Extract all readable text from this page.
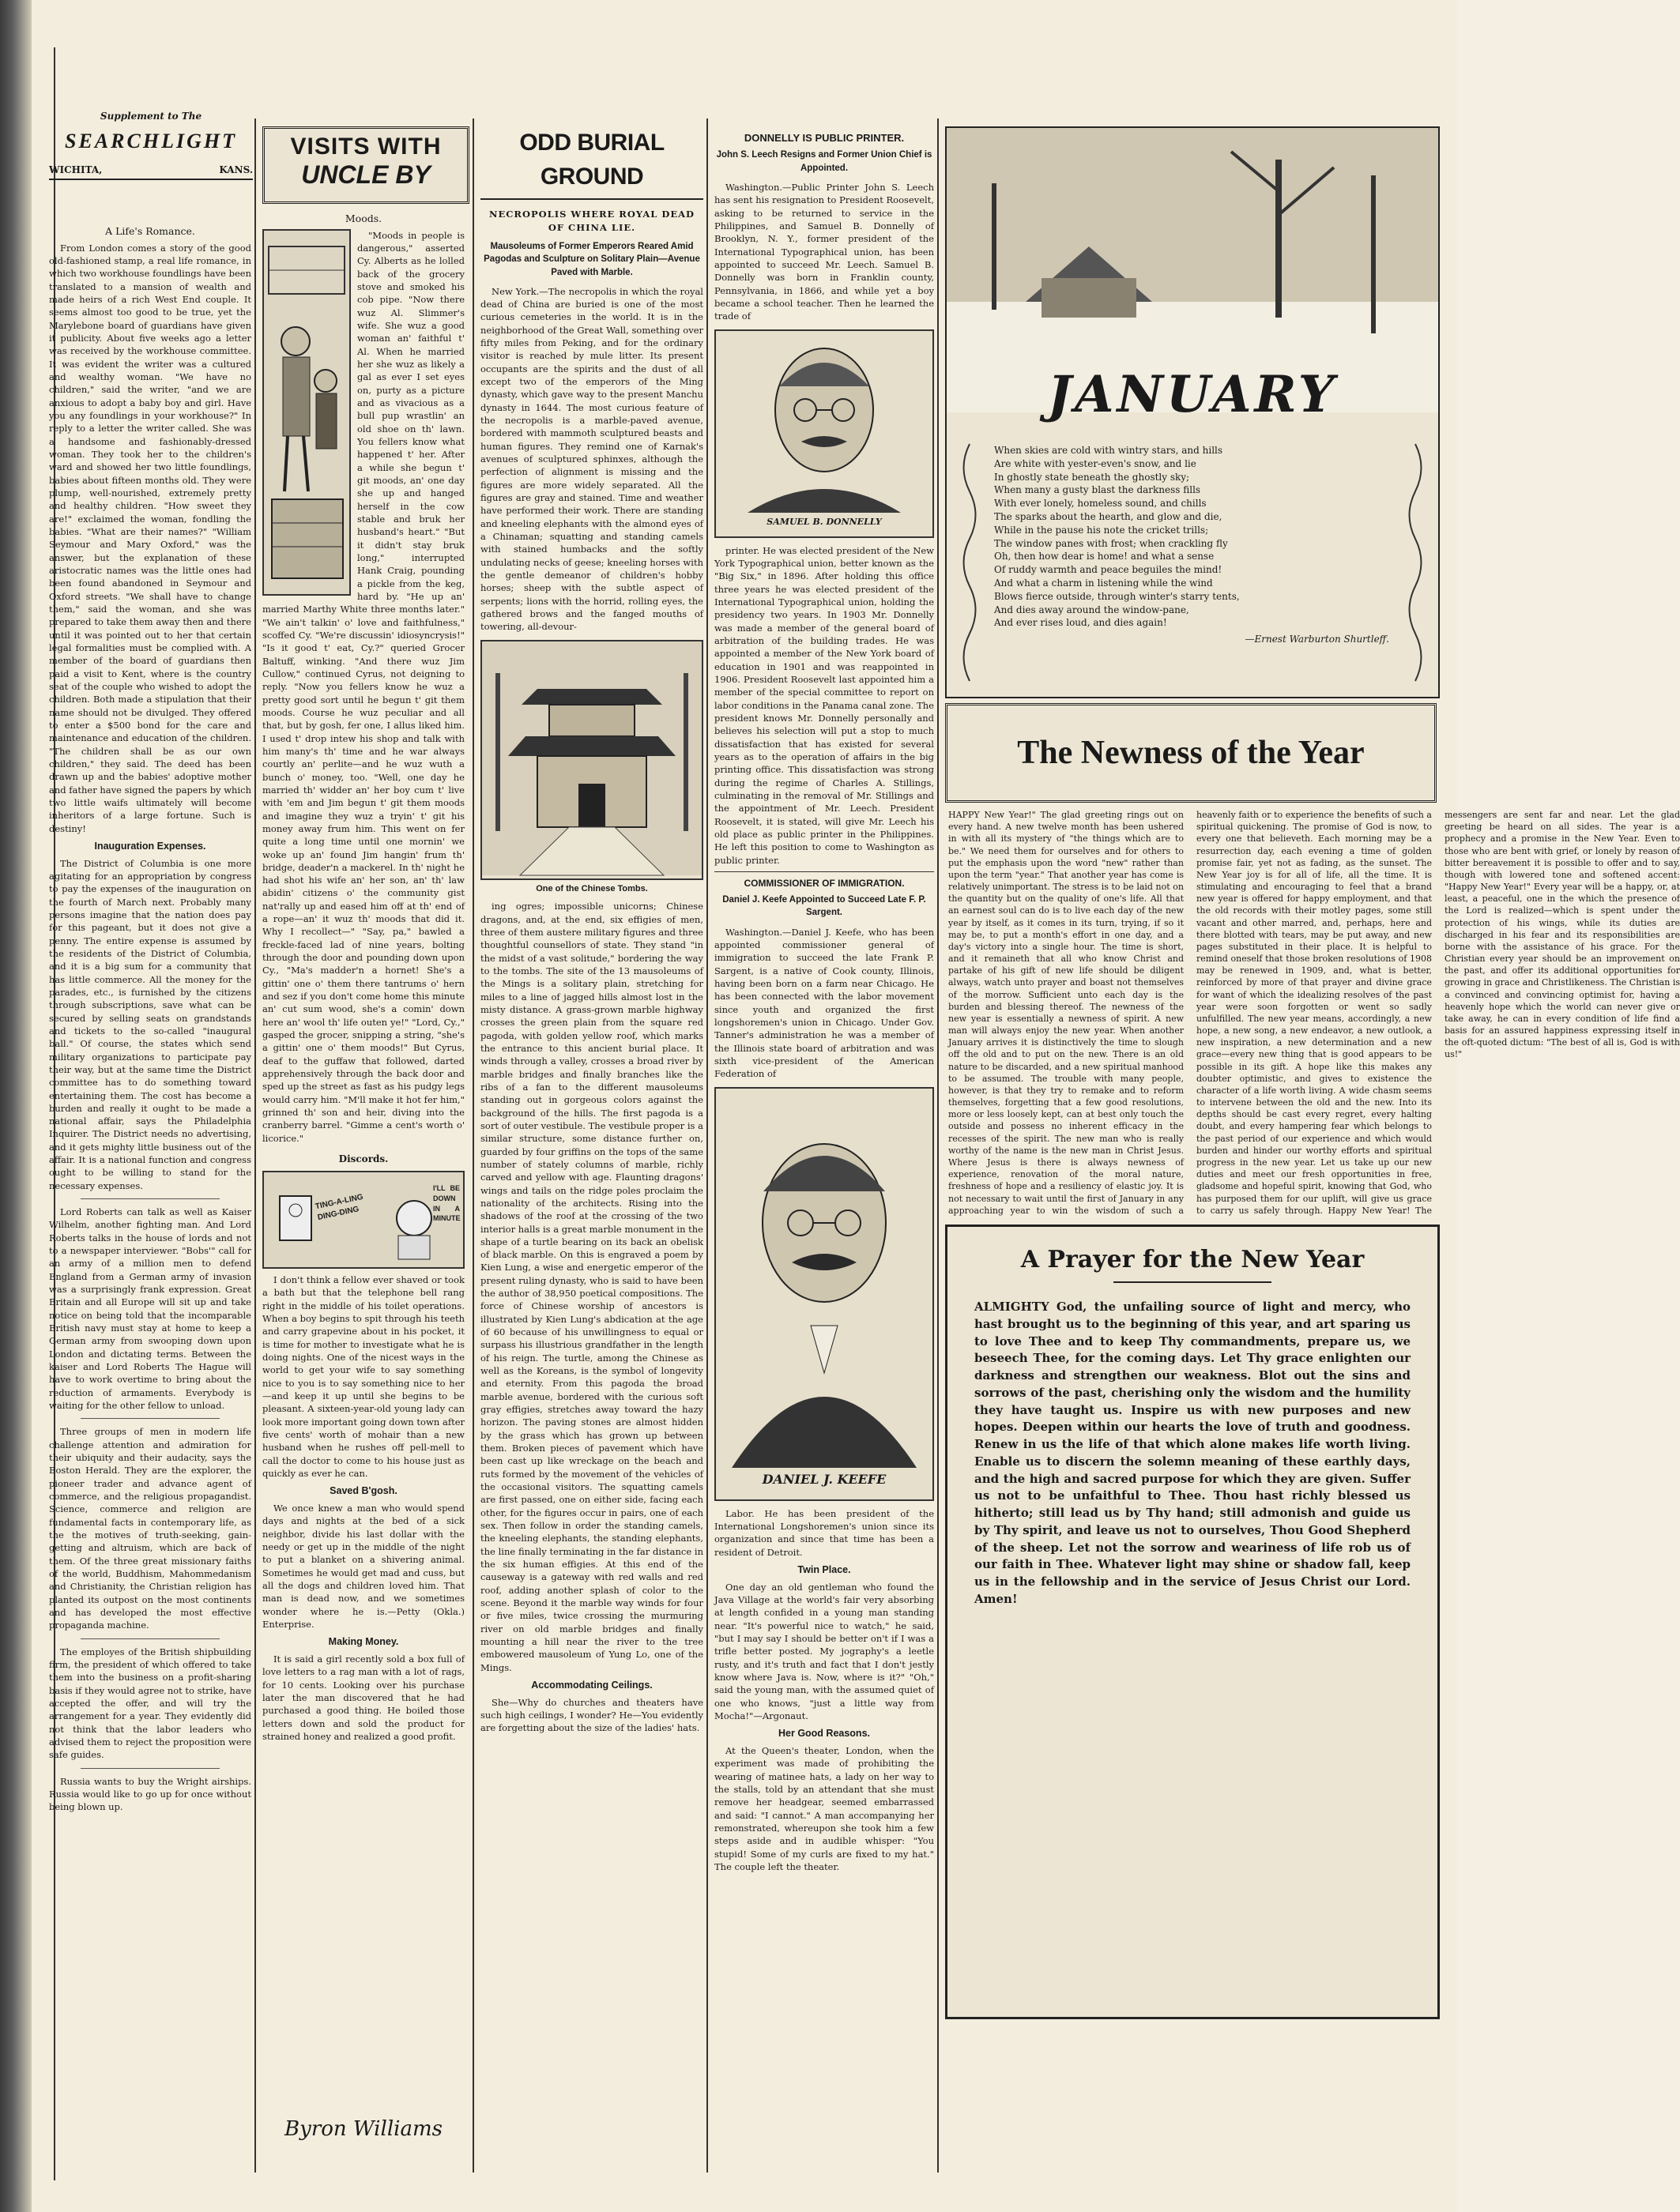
Supplement to The
SEARCHLIGHT
WICHITA,	KANS.
A Life's Romance.

From London comes a story of the good old-fashioned stamp, a real life romance, in which two workhouse foundlings have been translated to a mansion of wealth and made heirs of a rich West End couple. It seems almost too good to be true, yet the Marylebone board of guardians have given it publicity. About five weeks ago a letter was received by the workhouse committee. It was evident the writer was a cultured and wealthy woman. "We have no children," said the writer, "and we are anxious to adopt a baby boy and girl. Have you any foundlings in your workhouse?" In reply to a letter the writer called. She was a handsome and fashionably-dressed woman. They took her to the children's ward and showed her two little foundlings, babies about fifteen months old. They were plump, well-nourished, extremely pretty and healthy children. "How sweet they are!" exclaimed the woman, fondling the babies. "What are their names?" "William Seymour and Mary Oxford," was the answer, but the explanation of these aristocratic names was the little ones had been found abandoned in Seymour and Oxford streets. "We shall have to change them," said the woman, and she was prepared to take them away then and there until it was pointed out to her that certain legal formalities must be complied with. A member of the board of guardians then paid a visit to Kent, where is the country seat of the couple who wished to adopt the children. Both made a stipulation that their name should not be divulged. They offered to enter a $500 bond for the care and maintenance and education of the children. "The children shall be as our own children," they said. The deed has been drawn up and the babies' adoptive mother and father have signed the papers by which two little waifs ultimately will become inheritors of a large fortune. Such is destiny!

Inauguration Expenses.

The District of Columbia is one more agitating for an appropriation by congress to pay the expenses of the inauguration on the fourth of March next. Probably many persons imagine that the nation does pay for this pageant, but it does not give a penny. The entire expense is assumed by the residents of the District of Columbia, and it is a big sum for a community that has little commerce. All the money for the parades, etc., is furnished by the citizens through subscriptions, save what can be secured by selling seats on grandstands and tickets to the so-called "inaugural ball." Of course, the states which send military organizations to participate pay their way, but at the same time the District committee has to do something toward entertaining them. The cost has become a burden and really it ought to be made a national affair, says the Philadelphia Inquirer. The District needs no advertising, and it gets mighty little business out of the affair. It is a national function and congress ought to be willing to stand for the necessary expenses.

Lord Roberts can talk as well as Kaiser Wilhelm, another fighting man. And Lord Roberts talks in the house of lords and not to a newspaper interviewer. "Bobs'" call for an army of a million men to defend England from a German army of invasion was a surprisingly frank expression. Great Britain and all Europe will sit up and take notice on being told that the incomparable British navy must stay at home to keep a German army from swooping down upon London and dictating terms. Between the kaiser and Lord Roberts The Hague will have to work overtime to bring about the reduction of armaments. Everybody is waiting for the other fellow to unload.

Three groups of men in modern life challenge attention and admiration for their ubiquity and their audacity, says the Boston Herald. They are the explorer, the pioneer trader and advance agent of commerce, and the religious propagandist. Science, commerce and religion are fundamental facts in contemporary life, as the the motives of truth-seeking, gain-getting and altruism, which are back of them. Of the three great missionary faiths of the world, Buddhism, Mahommedanism and Christianity, the Christian religion has planted its outpost on the most continents and has developed the most effective propaganda machine.

The employes of the British shipbuilding firm, the president of which offered to take them into the business on a profit-sharing basis if they would agree not to strike, have accepted the offer, and will try the arrangement for a year. They evidently did not think that the labor leaders who advised them to reject the proposition were safe guides.

Russia wants to buy the Wright airships. Russia would like to go up for once without being blown up.

VISITS WITH
UNCLE BY
Moods.

"Moods in people is dangerous," asserted Cy. Alberts as he lolled back of the grocery stove and smoked his cob pipe. "Now there wuz Al. Slimmer's wife. She wuz a good woman an' faithful t' Al. When he married her she wuz as likely a gal as ever I set eyes on, purty as a picture and as vivacious as a bull pup wrastlin' an old shoe on th' lawn. You fellers know what happened t' her. After a while she begun t' git moods, an' one day she up and hanged herself in the cow stable and bruk her husband's heart." "But it didn't stay bruk long," interrupted Hank Craig, pounding a pickle from the keg, hard by. "He up an' married Marthy White three months later." "We ain't talkin' o' love and faithfulness," scoffed Cy. "We're discussin' idiosyncrysis!" "Is it good t' eat, Cy.?" queried Grocer Baltuff, winking. "And there wuz Jim Cullow," continued Cyrus, not deigning to reply. "Now you fellers know he wuz a pretty good sort until he begun t' git them moods. Course he wuz peculiar and all that, but by gosh, fer one, I allus liked him. I used t' drop intew his shop and talk with him many's th' time and he war always courtly an' perlite—and he wuz wuth a bunch o' money, too. "Well, one day he married th' widder an' her boy cum t' live with 'em and Jim begun t' git them moods and imagine they wuz a tryin' t' git his money away frum him. This went on fer quite a long time until one mornin' we woke up an' found Jim hangin' frum th' bridge, deader'n a mackerel. In th' night he had shot his wife an' her son, an' th' law abidin' citizens o' the community gist nat'rally up and eased him off at th' end of a rope—an' it wuz th' moods that did it. Why I recollect—" "Say, pa," bawled a freckle-faced lad of nine years, bolting through the door and pounding down upon Cy., "Ma's madder'n a hornet! She's a gittin' one o' them there tantrums o' hern and sez if you don't come home this minute an' cut sum wood, she's a comin' down here an' wool th' life outen ye!" "Lord, Cy.," gasped the grocer, snipping a string, "she's a gittin' one o' them moods!" But Cyrus, deaf to the guffaw that followed, darted apprehensively through the back door and sped up the street as fast as his pudgy legs would carry him. "M'll make it hot fer him," grinned th' son and heir, diving into the cranberry barrel. "Gimme a cent's worth o' licorice."

Discords.
TING-A-LING DING-DING
I'LL BE DOWN IN A MINUTE

I don't think a fellow ever shaved or took a bath but that the telephone bell rang right in the middle of his toilet operations. When a boy begins to spit through his teeth and carry grapevine about in his pocket, it is time for mother to investigate what he is doing nights. One of the nicest ways in the world to get your wife to say something nice to you is to say something nice to her—and keep it up until she begins to be pleasant. A sixteen-year-old young lady can look more important going down town after five cents' worth of mohair than a new husband when he rushes off pell-mell to call the doctor to come to his house just as quickly as ever he can.

Saved B'gosh.

We once knew a man who would spend days and nights at the bed of a sick neighbor, divide his last dollar with the needy or get up in the middle of the night to put a blanket on a shivering animal. Sometimes he would get mad and cuss, but all the dogs and children loved him. That man is dead now, and we sometimes wonder where he is.—Petty (Okla.) Enterprise.

Making Money.

It is said a girl recently sold a box full of love letters to a rag man with a lot of rags, for 10 cents. Looking over his purchase later the man discovered that he had purchased a good thing. He boiled those letters down and sold the product for strained honey and realized a good profit.

Byron Williams
ODD BURIAL GROUND
NECROPOLIS WHERE ROYAL DEAD OF CHINA LIE.
Mausoleums of Former Emperors Reared Amid Pagodas and Sculpture on Solitary Plain—Avenue Paved with Marble.

New York.—The necropolis in which the royal dead of China are buried is one of the most curious cemeteries in the world. It is in the neighborhood of the Great Wall, something over fifty miles from Peking, and for the ordinary visitor is reached by mule litter. Its present occupants are the spirits and the dust of all except two of the emperors of the Ming dynasty, which gave way to the present Manchu dynasty in 1644. The most curious feature of the necropolis is a marble-paved avenue, bordered with mammoth sculptured beasts and human figures. They remind one of Karnak's avenues of sculptured sphinxes, although the perfection of alignment is missing and the figures are more widely separated. All the figures are gray and stained. Time and weather have performed their work. There are standing and kneeling elephants with the almond eyes of a Chinaman; squatting and standing camels with stained humbacks and the softly undulating necks of geese; kneeling horses with the gentle demeanor of children's hobby horses; sheep with the subtle aspect of serpents; lions with the horrid, rolling eyes, the gathered brows and the fanged mouths of towering, all-devour-

One of the Chinese Tombs.

ing ogres; impossible unicorns; Chinese dragons, and, at the end, six effigies of men, three of them austere military figures and three thoughtful counsellors of state. They stand "in the midst of a vast solitude," bordering the way to the tombs. The site of the 13 mausoleums of the Mings is a solitary plain, stretching for miles to a line of jagged hills almost lost in the misty distance. A grass-grown marble highway crosses the green plain from the square red pagoda, with golden yellow roof, which marks the entrance to this ancient burial place. It winds through a valley, crosses a broad river by marble bridges and finally branches like the ribs of a fan to the different mausoleums standing out in gorgeous colors against the background of the hills. The first pagoda is a sort of outer vestibule. The vestibule proper is a similar structure, some distance further on, guarded by four griffins on the tops of the same number of stately columns of marble, richly carved and yellow with age. Flaunting dragons' wings and tails on the ridge poles proclaim the nationality of the architects. Rising into the shadows of the roof at the crossing of the two interior halls is a great marble monument in the shape of a turtle bearing on its back an obelisk of black marble. On this is engraved a poem by Kien Lung, a wise and energetic emperor of the present ruling dynasty, who is said to have been the author of 38,950 poetical compositions. The force of Chinese worship of ancestors is illustrated by Kien Lung's abdication at the age of 60 because of his unwillingness to equal or surpass his illustrious grandfather in the length of his reign. The turtle, among the Chinese as well as the Koreans, is the symbol of longevity and eternity. From this pagoda the broad marble avenue, bordered with the curious soft gray effigies, stretches away toward the hazy horizon. The paving stones are almost hidden by the grass which has grown up between them. Broken pieces of pavement which have been cast up like wreckage on the beach and ruts formed by the movement of the vehicles of the occasional visitors. The squatting camels are first passed, one on either side, facing each other, for the figures occur in pairs, one of each sex. Then follow in order the standing camels, the kneeling elephants, the standing elephants, the line finally terminating in the far distance in the six human effigies. At this end of the causeway is a gateway with red walls and red roof, adding another splash of color to the scene. Beyond it the marble way winds for four or five miles, twice crossing the murmuring river on old marble bridges and finally mounting a hill near the river to the tree embowered mausoleum of Yung Lo, one of the Mings.

Accommodating Ceilings.

She—Why do churches and theaters have such high ceilings, I wonder? He—You evidently are forgetting about the size of the ladies' hats.

DONNELLY IS PUBLIC PRINTER.
John S. Leech Resigns and Former Union Chief is Appointed.

Washington.—Public Printer John S. Leech has sent his resignation to President Roosevelt, asking to be returned to service in the Philippines, and Samuel B. Donnelly of Brooklyn, N. Y., former president of the International Typographical union, has been appointed to succeed Mr. Leech. Samuel B. Donnelly was born in Franklin county, Pennsylvania, in 1866, and while yet a boy became a school teacher. Then he learned the trade of

SAMUEL B. DONNELLY

printer. He was elected president of the New York Typographical union, better known as the "Big Six," in 1896. After holding this office three years he was elected president of the International Typographical union, holding the presidency two years. In 1903 Mr. Donnelly was made a member of the general board of arbitration of the building trades. He was appointed a member of the New York board of education in 1901 and was reappointed in 1906. President Roosevelt last appointed him a member of the special committee to report on labor conditions in the Panama canal zone. The president knows Mr. Donnelly personally and believes his selection will put a stop to much dissatisfaction that has existed for several years as to the operation of affairs in the big printing office. This dissatisfaction was strong during the regime of Charles A. Stillings, culminating in the removal of Mr. Stillings and the appointment of Mr. Leech. President Roosevelt, it is stated, will give Mr. Leech his old place as public printer in the Philippines. He left this position to come to Washington as public printer.

COMMISSIONER OF IMMIGRATION.
Daniel J. Keefe Appointed to Succeed Late F. P. Sargent.

Washington.—Daniel J. Keefe, who has been appointed commissioner general of immigration to succeed the late Frank P. Sargent, is a native of Cook county, Illinois, having been born on a farm near Chicago. He has been connected with the labor movement since youth and organized the first longshoremen's union in Chicago. Under Gov. Tanner's administration he was a member of the Illinois state board of arbitration and was sixth vice-president of the American Federation of

DANIEL J. KEEFE

Labor. He has been president of the International Longshoremen's union since its organization and since that time has been a resident of Detroit.

Twin Place.

One day an old gentleman who found the Java Village at the world's fair very absorbing at length confided in a young man standing near. "It's powerful nice to watch," he said, "but I may say I should be better on't if I was a trifle better posted. My jography's a leetle rusty, and it's truth and fact that I don't jestly know where Java is. Now, where is it?" "Oh," said the young man, with the assumed quiet of one who knows, "just a little way from Mocha!"—Argonaut.

Her Good Reasons.

At the Queen's theater, London, when the experiment was made of prohibiting the wearing of matinee hats, a lady on her way to the stalls, told by an attendant that she must remove her headgear, seemed embarrassed and said: "I cannot." A man accompanying her remonstrated, whereupon she took him a few steps aside and in audible whisper: "You stupid! Some of my curls are fixed to my hat." The couple left the theater.

JANUARY
When skies are cold with wintry stars, and hills
Are white with yester-even's snow, and lie
In ghostly state beneath the ghostly sky;
When many a gusty blast the darkness fills
With ever lonely, homeless sound, and chills
The sparks about the hearth, and glow and die,
While in the pause his note the cricket trills;
The window panes with frost; when crackling fly
Oh, then how dear is home! and what a sense
Of ruddy warmth and peace beguiles the mind!
And what a charm in listening while the wind
Blows fierce outside, through winter's starry tents,
And dies away around the window-pane,
And ever rises loud, and dies again!
—Ernest Warburton Shurtleff.
The Newness of the Year

HAPPY New Year!" The glad greeting rings out on every hand. A new twelve month has been ushered in with all its mystery of "the things which are to be." We need them for ourselves and for others to put the emphasis upon the word "new" rather than upon the term "year." That another year has come is relatively unimportant. The stress is to be laid not on the quantity but on the quality of one's life. All that an earnest soul can do is to live each day of the new year by itself, as it comes in its turn, trying, if so it may be, to put a month's effort in one day, and a day's victory into a single hour. The time is short, and it remaineth that all who know Christ and partake of his gift of new life should be diligent always, watch unto prayer and boast not themselves of the morrow. Sufficient unto each day is the burden and blessing thereof. The newness of the new year is essentially a newness of spirit. A new man will always enjoy the new year. When another January arrives it is distinctively the time to slough off the old and to put on the new. There is an old nature to be discarded, and a new spiritual manhood to be assumed. The trouble with many people, however, is that they try to remake and to reform themselves, forgetting that a few good resolutions, more or less loosely kept, can at best only touch the outside and possess no inherent efficacy in the recesses of the spirit. The new man who is really worthy of the name is the new man in Christ Jesus. Where Jesus is there is always newness of experience, renovation of the moral nature, freshness of hope and a resiliency of elastic joy. It is not necessary to wait until the first of January in any approaching year to win the wisdom of such a heavenly faith or to experience the benefits of such a spiritual quickening. The promise of God is now, to every one that believeth. Each morning may be a resurrection day, each evening a time of golden promise fair, yet not as fading, as the sunset. The New Year joy is for all of life, all the time. It is stimulating and encouraging to feel that a brand new year is offered for happy employment, and that the old records with their motley pages, some still vacant and other marred, and, perhaps, here and there blotted with tears, may be put away, and new pages substituted in their place. It is helpful to remind oneself that those broken resolutions of 1908 may be renewed in 1909, and, what is better, reinforced by more of that prayer and divine grace for want of which the idealizing resolves of the past year were soon forgotten or went so sadly unfulfilled. The new year means, accordingly, a new hope, a new song, a new endeavor, a new outlook, a new inspiration, a new determination and a new grace—every new thing that is good appears to be possible in its gift. A hope like this makes any doubter optimistic, and gives to existence the character of a life worth living. A wide chasm seems to intervene between the old and the new. Into its depths should be cast every regret, every halting doubt, and every hampering fear which belongs to the past period of our experience and which would burden and hinder our worthy efforts and spiritual progress in the new year. Let us take up our new duties and meet our fresh opportunities in free, gladsome and hopeful spirit, knowing that God, who has purposed them for our uplift, will give us grace to carry us safely through. Happy New Year! The messengers are sent far and near. Let the glad greeting be heard on all sides. The year is a prophecy and a promise in the New Year. Even to those who are bent with grief, or lonely by reason of bitter bereavement it is possible to offer and to say, though with lowered tone and softened accent: "Happy New Year!" Every year will be a happy, or, at least, a peaceful, one in the which the presence of the Lord is realized—which is spent under the protection of his wings, while its duties are discharged in his fear and its responsibilities are borne with the assistance of his grace. For the Christian every year should be an improvement on the past, and offer its additional opportunities for growing in grace and Christlikeness. The Christian is a convinced and convincing optimist for, having a heavenly hope which the world can never give or take away, he can in every condition of life find a basis for an assured happiness expressing itself in the oft-quoted dictum: "The best of all is, God is with us!"

A Prayer for the New Year
ALMIGHTY God, the unfailing source of light and mercy, who hast brought us to the beginning of this year, and art sparing us to love Thee and to keep Thy commandments, prepare us, we beseech Thee, for the coming days. Let Thy grace enlighten our darkness and strengthen our weakness. Blot out the sins and sorrows of the past, cherishing only the wisdom and the humility they have taught us. Inspire us with new purposes and new hopes. Deepen within our hearts the love of truth and goodness. Renew in us the life of that which alone makes life worth living. Enable us to discern the solemn meaning of these earthly days, and the high and sacred purpose for which they are given. Suffer us not to be unfaithful to Thee. Thou hast richly blessed us hitherto; still lead us by Thy hand; still admonish and guide us by Thy spirit, and leave us not to ourselves, Thou Good Shepherd of the sheep. Let not the sorrow and weariness of life rob us of our faith in Thee. Whatever light may shine or shadow fall, keep us in the fellowship and in the service of Jesus Christ our Lord. Amen!
